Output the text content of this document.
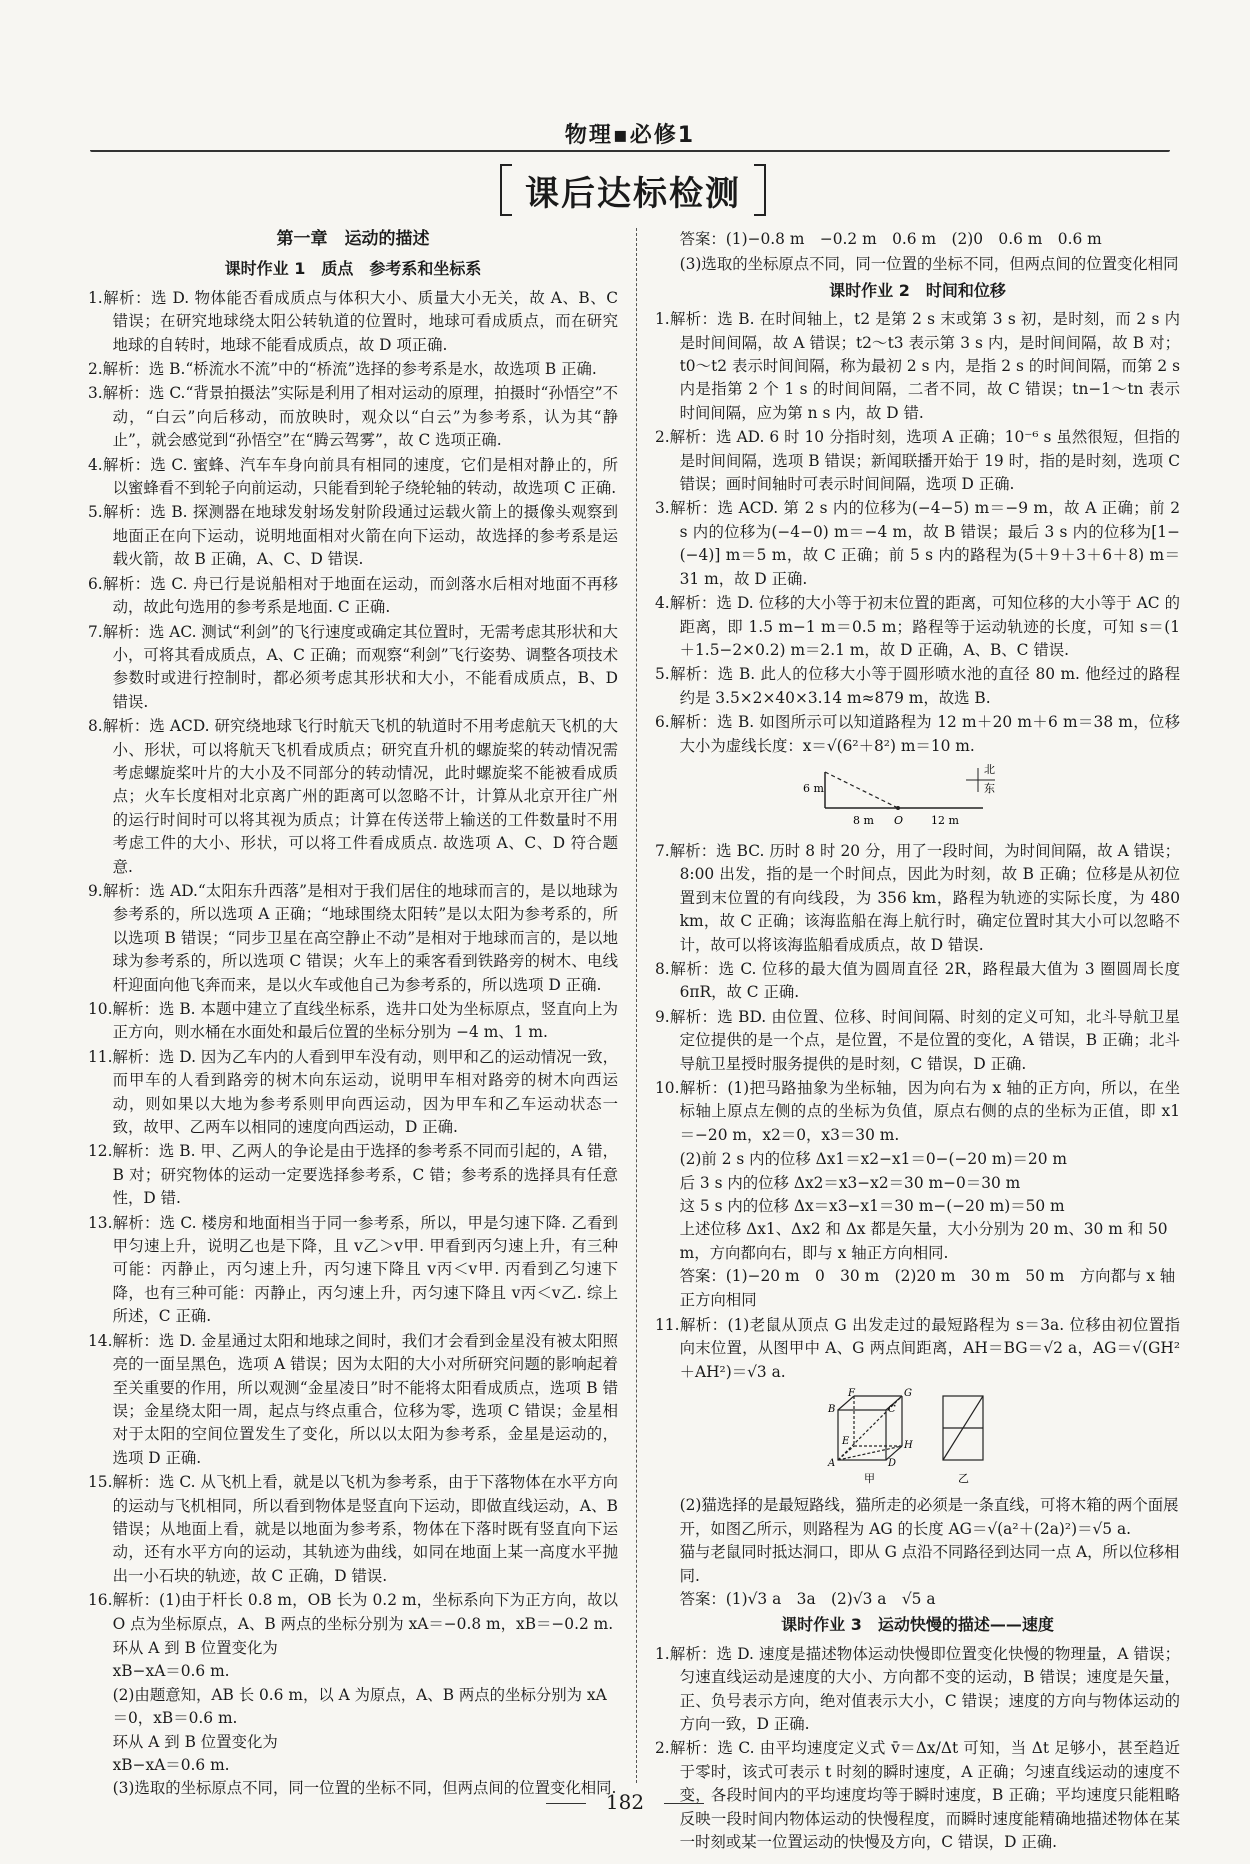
物理▪必修1
课后达标检测
第一章　运动的描述
课时作业 1　质点　参考系和坐标系
1.解析：选 D. 物体能否看成质点与体积大小、质量大小无关，故 A、B、C 错误；在研究地球绕太阳公转轨道的位置时，地球可看成质点，而在研究地球的自转时，地球不能看成质点，故 D 项正确.
2.解析：选 B.“桥流水不流”中的“桥流”选择的参考系是水，故选项 B 正确.
3.解析：选 C.“背景拍摄法”实际是利用了相对运动的原理，拍摄时“孙悟空”不动，“白云”向后移动，而放映时，观众以“白云”为参考系，认为其“静止”，就会感觉到“孙悟空”在“腾云驾雾”，故 C 选项正确.
4.解析：选 C. 蜜蜂、汽车车身向前具有相同的速度，它们是相对静止的，所以蜜蜂看不到轮子向前运动，只能看到轮子绕轮轴的转动，故选项 C 正确.
5.解析：选 B. 探测器在地球发射场发射阶段通过运载火箭上的摄像头观察到地面正在向下运动，说明地面相对火箭在向下运动，故选择的参考系是运载火箭，故 B 正确，A、C、D 错误.
6.解析：选 C. 舟已行是说船相对于地面在运动，而剑落水后相对地面不再移动，故此句选用的参考系是地面. C 正确.
7.解析：选 AC. 测试“利剑”的飞行速度或确定其位置时，无需考虑其形状和大小，可将其看成质点，A、C 正确；而观察“利剑”飞行姿势、调整各项技术参数时或进行控制时，都必须考虑其形状和大小，不能看成质点，B、D 错误.
8.解析：选 ACD. 研究绕地球飞行时航天飞机的轨道时不用考虑航天飞机的大小、形状，可以将航天飞机看成质点；研究直升机的螺旋桨的转动情况需考虑螺旋桨叶片的大小及不同部分的转动情况，此时螺旋桨不能被看成质点；火车长度相对北京离广州的距离可以忽略不计，计算从北京开往广州的运行时间时可以将其视为质点；计算在传送带上输送的工件数量时不用考虑工件的大小、形状，可以将工件看成质点. 故选项 A、C、D 符合题意.
9.解析：选 AD.“太阳东升西落”是相对于我们居住的地球而言的，是以地球为参考系的，所以选项 A 正确；“地球围绕太阳转”是以太阳为参考系的，所以选项 B 错误；“同步卫星在高空静止不动”是相对于地球而言的，是以地球为参考系的，所以选项 C 错误；火车上的乘客看到铁路旁的树木、电线杆迎面向他飞奔而来，是以火车或他自己为参考系的，所以选项 D 正确.
10.解析：选 B. 本题中建立了直线坐标系，选井口处为坐标原点，竖直向上为正方向，则水桶在水面处和最后位置的坐标分别为 −4 m、1 m.
11.解析：选 D. 因为乙车内的人看到甲车没有动，则甲和乙的运动情况一致，而甲车的人看到路旁的树木向东运动，说明甲车相对路旁的树木向西运动，则如果以大地为参考系则甲向西运动，因为甲车和乙车运动状态一致，故甲、乙两车以相同的速度向西运动，D 正确.
12.解析：选 B. 甲、乙两人的争论是由于选择的参考系不同而引起的，A 错，B 对；研究物体的运动一定要选择参考系，C 错；参考系的选择具有任意性，D 错.
13.解析：选 C. 楼房和地面相当于同一参考系，所以，甲是匀速下降. 乙看到甲匀速上升，说明乙也是下降，且 v乙＞v甲. 甲看到丙匀速上升，有三种可能：丙静止，丙匀速上升，丙匀速下降且 v丙＜v甲. 丙看到乙匀速下降，也有三种可能：丙静止，丙匀速上升，丙匀速下降且 v丙＜v乙. 综上所述，C 正确.
14.解析：选 D. 金星通过太阳和地球之间时，我们才会看到金星没有被太阳照亮的一面呈黑色，选项 A 错误；因为太阳的大小对所研究问题的影响起着至关重要的作用，所以观测“金星凌日”时不能将太阳看成质点，选项 B 错误；金星绕太阳一周，起点与终点重合，位移为零，选项 C 错误；金星相对于太阳的空间位置发生了变化，所以以太阳为参考系，金星是运动的，选项 D 正确.
15.解析：选 C. 从飞机上看，就是以飞机为参考系，由于下落物体在水平方向的运动与飞机相同，所以看到物体是竖直向下运动，即做直线运动，A、B 错误；从地面上看，就是以地面为参考系，物体在下落时既有竖直向下运动，还有水平方向的运动，其轨迹为曲线，如同在地面上某一高度水平抛出一小石块的轨迹，故 C 正确，D 错误.
16.解析：(1)由于杆长 0.8 m，OB 长为 0.2 m，坐标系向下为正方向，故以 O 点为坐标原点，A、B 两点的坐标分别为 xA＝−0.8 m，xB＝−0.2 m.
环从 A 到 B 位置变化为
xB−xA＝0.6 m.
(2)由题意知，AB 长 0.6 m，以 A 为原点，A、B 两点的坐标分别为 xA＝0，xB＝0.6 m.
环从 A 到 B 位置变化为
xB−xA＝0.6 m.
(3)选取的坐标原点不同，同一位置的坐标不同，但两点间的位置变化相同.
答案：(1)−0.8 m　−0.2 m　0.6 m　(2)0　0.6 m　0.6 m
(3)选取的坐标原点不同，同一位置的坐标不同，但两点间的位置变化相同
课时作业 2　时间和位移
1.解析：选 B. 在时间轴上，t2 是第 2 s 末或第 3 s 初，是时刻，而 2 s 内是时间间隔，故 A 错误；t2～t3 表示第 3 s 内，是时间间隔，故 B 对；t0～t2 表示时间间隔，称为最初 2 s 内，是指 2 s 的时间间隔，而第 2 s 内是指第 2 个 1 s 的时间间隔，二者不同，故 C 错误；tn−1～tn 表示时间间隔，应为第 n s 内，故 D 错.
2.解析：选 AD. 6 时 10 分指时刻，选项 A 正确；10⁻⁶ s 虽然很短，但指的是时间间隔，选项 B 错误；新闻联播开始于 19 时，指的是时刻，选项 C 错误；画时间轴时可表示时间间隔，选项 D 正确.
3.解析：选 ACD. 第 2 s 内的位移为(−4−5) m＝−9 m，故 A 正确；前 2 s 内的位移为(−4−0) m＝−4 m，故 B 错误；最后 3 s 内的位移为[1−(−4)] m＝5 m，故 C 正确；前 5 s 内的路程为(5＋9＋3＋6＋8) m＝31 m，故 D 正确.
4.解析：选 D. 位移的大小等于初末位置的距离，可知位移的大小等于 AC 的距离，即 1.5 m−1 m＝0.5 m；路程等于运动轨迹的长度，可知 s＝(1＋1.5−2×0.2) m＝2.1 m，故 D 正确，A、B、C 错误.
5.解析：选 B. 此人的位移大小等于圆形喷水池的直径 80 m. 他经过的路程约是 3.5×2×40×3.14 m≈879 m，故选 B.
6.解析：选 B. 如图所示可以知道路程为 12 m＋20 m＋6 m＝38 m，位移大小为虚线长度：x＝√(6²＋8²) m＝10 m.
北
东
6 m
8 m O	12 m
7.解析：选 BC. 历时 8 时 20 分，用了一段时间，为时间间隔，故 A 错误；8:00 出发，指的是一个时间点，因此为时刻，故 B 正确；位移是从初位置到末位置的有向线段，为 356 km，路程为轨迹的实际长度，为 480 km，故 C 正确；该海监船在海上航行时，确定位置时其大小可以忽略不计，故可以将该海监船看成质点，故 D 错误.
8.解析：选 C. 位移的最大值为圆周直径 2R，路程最大值为 3 圈圆周长度 6πR，故 C 正确.
9.解析：选 BD. 由位置、位移、时间间隔、时刻的定义可知，北斗导航卫星定位提供的是一个点，是位置，不是位置的变化，A 错误，B 正确；北斗导航卫星授时服务提供的是时刻，C 错误，D 正确.
10.解析：(1)把马路抽象为坐标轴，因为向右为 x 轴的正方向，所以，在坐标轴上原点左侧的点的坐标为负值，原点右侧的点的坐标为正值，即 x1＝−20 m，x2＝0，x3＝30 m.
(2)前 2 s 内的位移 Δx1＝x2−x1＝0−(−20 m)＝20 m
后 3 s 内的位移 Δx2＝x3−x2＝30 m−0＝30 m
这 5 s 内的位移 Δx＝x3−x1＝30 m−(−20 m)＝50 m
上述位移 Δx1、Δx2 和 Δx 都是矢量，大小分别为 20 m、30 m 和 50 m，方向都向右，即与 x 轴正方向相同.
答案：(1)−20 m　0　30 m　(2)20 m　30 m　50 m　方向都与 x 轴正方向相同
11.解析：(1)老鼠从顶点 G 出发走过的最短路程为 s＝3a. 位移由初位置指向末位置，从图甲中 A、G 两点间距离，AH＝BG＝√2 a，AG＝√(GH²＋AH²)＝√3 a.
F	G
B	C
E	H
A	D
甲	乙
(2)猫选择的是最短路线，猫所走的必须是一条直线，可将木箱的两个面展开，如图乙所示，则路程为 AG 的长度 AG＝√(a²＋(2a)²)＝√5 a.
猫与老鼠同时抵达洞口，即从 G 点沿不同路径到达同一点 A，所以位移相同.
答案：(1)√3 a　3a　(2)√3 a　√5 a
课时作业 3　运动快慢的描述——速度
1.解析：选 D. 速度是描述物体运动快慢即位置变化快慢的物理量，A 错误；匀速直线运动是速度的大小、方向都不变的运动，B 错误；速度是矢量，正、负号表示方向，绝对值表示大小，C 错误；速度的方向与物体运动的方向一致，D 正确.
2.解析：选 C. 由平均速度定义式 v̄＝Δx/Δt 可知，当 Δt 足够小，甚至趋近于零时，该式可表示 t 时刻的瞬时速度，A 正确；匀速直线运动的速度不变，各段时间内的平均速度均等于瞬时速度，B 正确；平均速度只能粗略反映一段时间内物体运动的快慢程度，而瞬时速度能精确地描述物体在某一时刻或某一位置运动的快慢及方向，C 错误，D 正确.
182
